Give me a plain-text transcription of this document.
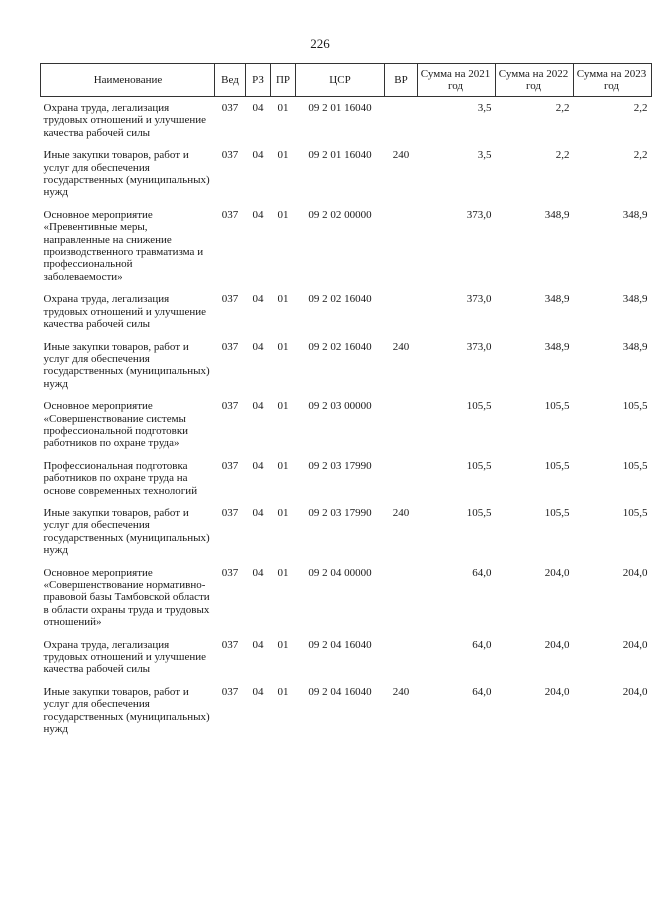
226
Наименование	Вед	РЗ	ПР	ЦСР	ВР	Сумма на 2021 год	Сумма на 2022 год	Сумма на 2023 год
Охрана труда, легализация трудовых отношений и улучшение качества рабочей силы	037	04	01	09 2 01 16040		3,5	2,2	2,2
Иные закупки товаров, работ и услуг для обеспечения государственных (муниципальных) нужд	037	04	01	09 2 01 16040	240	3,5	2,2	2,2
Основное мероприятие «Превентивные меры, направленные на снижение производственного травматизма и профессиональной заболеваемости»	037	04	01	09 2 02 00000		373,0	348,9	348,9
Охрана труда, легализация трудовых отношений и улучшение качества рабочей силы	037	04	01	09 2 02 16040		373,0	348,9	348,9
Иные закупки товаров, работ и услуг для обеспечения государственных (муниципальных) нужд	037	04	01	09 2 02 16040	240	373,0	348,9	348,9
Основное мероприятие «Совершенствование системы профессиональной подготовки работников по охране труда»	037	04	01	09 2 03 00000		105,5	105,5	105,5
Профессиональная подготовка работников по охране труда на основе современных технологий	037	04	01	09 2 03 17990		105,5	105,5	105,5
Иные закупки товаров, работ и услуг для обеспечения государственных (муниципальных) нужд	037	04	01	09 2 03 17990	240	105,5	105,5	105,5
Основное мероприятие «Совершенствование нормативно-правовой базы Тамбовской области в области охраны труда и трудовых отношений»	037	04	01	09 2 04 00000		64,0	204,0	204,0
Охрана труда, легализация трудовых отношений и улучшение качества рабочей силы	037	04	01	09 2 04 16040		64,0	204,0	204,0
Иные закупки товаров, работ и услуг для обеспечения государственных (муниципальных) нужд	037	04	01	09 2 04 16040	240	64,0	204,0	204,0
